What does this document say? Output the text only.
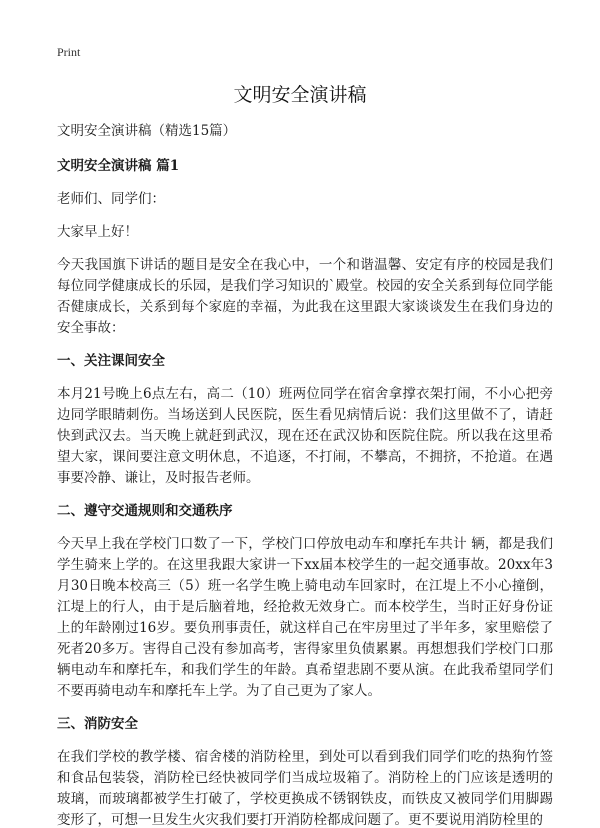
Print
文明安全演讲稿

文明安全演讲稿（精选15篇）

文明安全演讲稿 篇1

老师们、同学们：

大家早上好！

今天我国旗下讲话的题目是安全在我心中，一个和谐温馨、安定有序的校园是我们每位同学健康成长的乐园，是我们学习知识的`殿堂。校园的安全关系到每位同学能否健康成长，关系到每个家庭的幸福，为此我在这里跟大家谈谈发生在我们身边的安全事故：

一、关注课间安全

本月21号晚上6点左右，高二（10）班两位同学在宿舍拿撑衣架打闹，不小心把旁边同学眼睛刺伤。当场送到人民医院，医生看见病情后说：我们这里做不了，请赶快到武汉去。当天晚上就赶到武汉，现在还在武汉协和医院住院。所以我在这里希望大家，课间要注意文明休息，不追逐，不打闹，不攀高，不拥挤，不抢道。在遇事要冷静、谦让，及时报告老师。

二、遵守交通规则和交通秩序

今天早上我在学校门口数了一下，学校门口停放电动车和摩托车共计 辆，都是我们学生骑来上学的。在这里我跟大家讲一下xx届本校学生的一起交通事故。20xx年3月30日晚本校高三（5）班一名学生晚上骑电动车回家时，在江堤上不小心撞倒，江堤上的行人，由于是后脑着地，经抢救无效身亡。而本校学生，当时正好身份证上的年龄刚过16岁。要负刑事责任，就这样自己在牢房里过了半年多，家里赔偿了死者20多万。害得自己没有参加高考，害得家里负债累累。再想想我们学校门口那辆电动车和摩托车，和我们学生的年龄。真希望悲剧不要从演。在此我希望同学们不要再骑电动车和摩托车上学。为了自己更为了家人。

三、消防安全

在我们学校的教学楼、宿舍楼的消防栓里，到处可以看到我们同学们吃的热狗竹签和食品包装袋，消防栓已经快被同学们当成垃圾箱了。消防栓上的门应该是透明的玻璃，而玻璃都被学生打破了，学校更换成不锈钢铁皮，而铁皮又被同学们用脚踢变形了，可想一旦发生火灾我们要打开消防栓都成问题了。更不要说用消防栓里的
